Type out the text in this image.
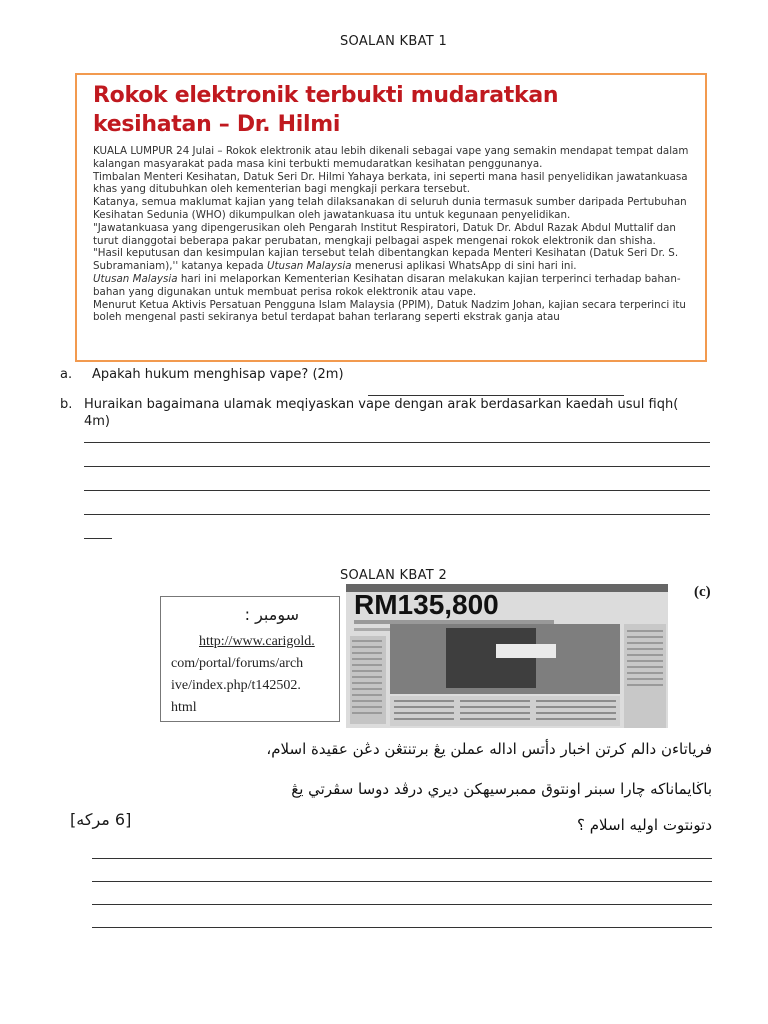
SOALAN KBAT 1
Rokok elektronik terbukti mudaratkan
kesihatan – Dr. Hilmi

KUALA LUMPUR 24 Julai – Rokok elektronik atau lebih dikenali sebagai vape yang semakin mendapat tempat dalam kalangan masyarakat pada masa kini terbukti memudaratkan kesihatan penggunanya.

Timbalan Menteri Kesihatan, Datuk Seri Dr. Hilmi Yahaya berkata, ini seperti mana hasil penyelidikan jawatankuasa khas yang ditubuhkan oleh kementerian bagi mengkaji perkara tersebut.

Katanya, semua maklumat kajian yang telah dilaksanakan di seluruh dunia termasuk sumber daripada Pertubuhan Kesihatan Sedunia (WHO) dikumpulkan oleh jawatankuasa itu untuk kegunaan penyelidikan.

"Jawatankuasa yang dipengerusikan oleh Pengarah Institut Respiratori, Datuk Dr. Abdul Razak Abdul Muttalif dan turut dianggotai beberapa pakar perubatan, mengkaji pelbagai aspek mengenai rokok elektronik dan shisha.

"Hasil keputusan dan kesimpulan kajian tersebut telah dibentangkan kepada Menteri Kesihatan (Datuk Seri Dr. S. Subramaniam),'' katanya kepada Utusan Malaysia menerusi aplikasi WhatsApp di sini hari ini.

Utusan Malaysia hari ini melaporkan Kementerian Kesihatan disaran melakukan kajian terperinci terhadap bahan-bahan yang digunakan untuk membuat perisa rokok elektronik atau vape.

Menurut Ketua Aktivis Persatuan Pengguna Islam Malaysia (PPIM), Datuk Nadzim Johan, kajian secara terperinci itu boleh mengenal pasti sekiranya betul terdapat bahan terlarang seperti ekstrak ganja atau

a. Apakah hukum menghisap vape? (2m)
b. Huraikan bagaimana ulamak meqiyaskan vape dengan arak berdasarkan kaedah usul fiqh( 4m)
SOALAN KBAT 2
سومبر :
http://www.carigold.
com/portal/forums/arch
ive/index.php/t142502.
html
RM135,800	(c)
فرياتاءن دالم كرتن اخبار دأتس اداله عملن يڠ برتنتڠن دڠن عقيدة اسلام،
باڬايماناكه چارا سبنر اونتوق ممبرسيهكن ديري درڤد دوسا سڤرتي يڠ
دتونتوت اوليه اسلام ؟
[6 مرکه]
